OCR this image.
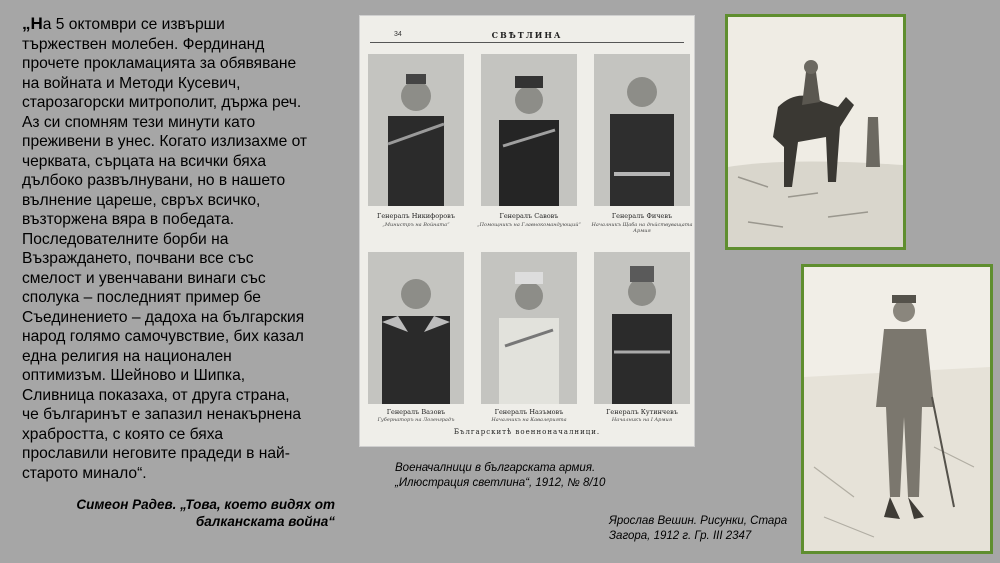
„На 5 октомври се извърши
тържествен молебен. Фердинанд
прочете прокламацията за обявяване
на войната и Методи Кусевич,
старозагорски митрополит, държа реч.
Аз си спомням тези минути като
преживени в унес. Когато излизахме от
черквата, сърцата на всички бяха
дълбоко развълнувани, но в нашето
вълнение цареше, свръх всичко,
възторжена вяра в победата.
Последователните борби на
Възраждането, почвани все със
смелост и увенчавани винаги със
сполука – последният пример бе
Съединението – дадоха на българския
народ голямо самочувствие, бих казал
една религия на национален
оптимизъм. Шейново и Шипка,
Сливница показаха, от друга страна,
че българинът е запазил ненакърнена
храбростта, с която се бяха
прославили неговите прадеди в най-
старото минало“.

Симеон Радев. „Това, което видях от
балканската война“

34	СВѢТЛИНА
Генералъ Никифоровъ
„Министръ на Войната“
Генералъ Савовъ
„Помощникъ на Главнокомандующий“
Генералъ Фичевъ
Началникъ Щаба на дѣйствуващата Армия
Генералъ Вазовъ
Губернаторъ на Лозенградъ
Генералъ Назъмовъ
Началникъ на Кавалерията
Генералъ Кутинчевъ
Началникъ на I Армия
Българскитѣ военноначалници.

Военачалници в българската армия.
„Илюстрация светлина“, 1912, № 8/10

Ярослав Вешин. Рисунки, Стара
Загора, 1912 г. Гр. III 2347
